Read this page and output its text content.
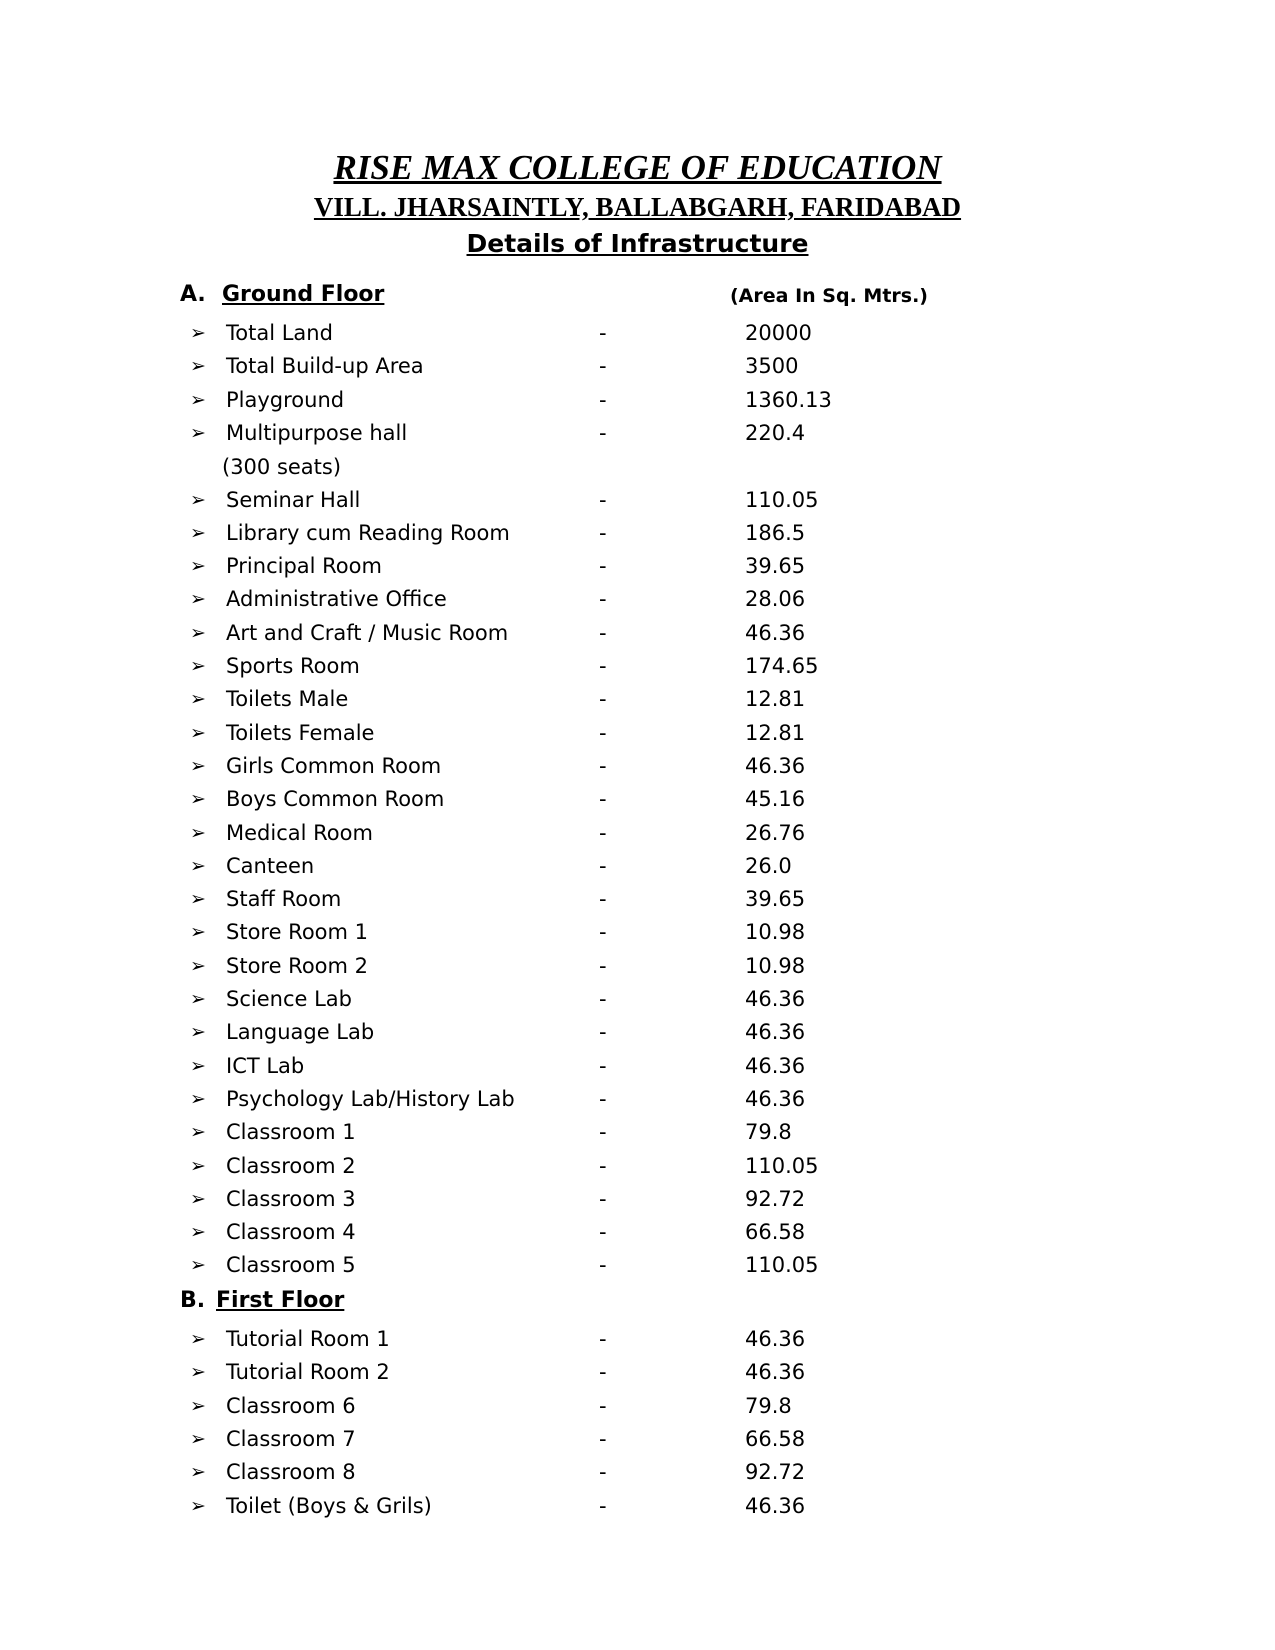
RISE MAX COLLEGE OF EDUCATION
VILL. JHARSAINTLY, BALLABGARH, FARIDABAD
Details of Infrastructure
A. Ground Floor	(Area In Sq. Mtrs.)
➢ Total Land	-	20000
➢ Total Build-up Area	-	3500
➢ Playground	-	1360.13
➢ Multipurpose hall	-	220.4
(300 seats)
➢ Seminar Hall	-	110.05
➢ Library cum Reading Room	-	186.5
➢ Principal Room	-	39.65
➢ Administrative Office	-	28.06
➢ Art and Craft / Music Room	-	46.36
➢ Sports Room	-	174.65
➢ Toilets Male	-	12.81
➢ Toilets Female	-	12.81
➢ Girls Common Room	-	46.36
➢ Boys Common Room	-	45.16
➢ Medical Room	-	26.76
➢ Canteen	-	26.0
➢ Staff Room	-	39.65
➢ Store Room 1	-	10.98
➢ Store Room 2	-	10.98
➢ Science Lab	-	46.36
➢ Language Lab	-	46.36
➢ ICT Lab	-	46.36
➢ Psychology Lab/History Lab	-	46.36
➢ Classroom 1	-	79.8
➢ Classroom 2	-	110.05
➢ Classroom 3	-	92.72
➢ Classroom 4	-	66.58
➢ Classroom 5	-	110.05
B. First Floor
➢ Tutorial Room 1	-	46.36
➢ Tutorial Room 2	-	46.36
➢ Classroom 6	-	79.8
➢ Classroom 7	-	66.58
➢ Classroom 8	-	92.72
➢ Toilet (Boys & Grils)	-	46.36
